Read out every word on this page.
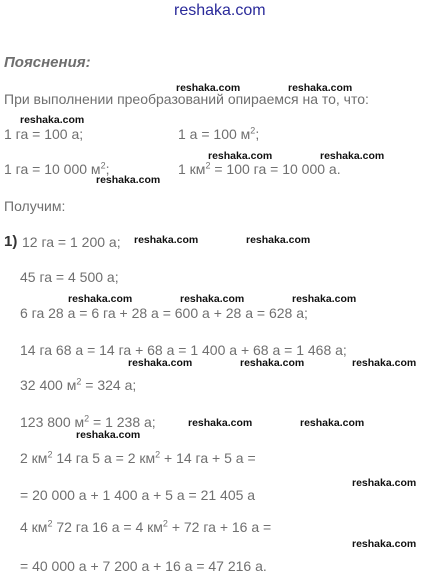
reshaka.com
Пояснения:
reshaka.com	reshaka.com
При выполнении преобразований опираемся на то, что:
reshaka.com
1 га = 100 а;	1 а = 100 $м^2$;
reshaka.com	reshaka.com
1 га = 10 000 $м^2$;	1 $км^2 = 100$ га = 10 000 а.
reshaka.com
Получим:
1) 12 га = 1 200 а; reshaka.com	reshaka.com
45 га = 4 500 а;
reshaka.com	reshaka.com	reshaka.com
6 га 28 а = 6 га + 28 а = 600 а + 28 а = 628 а;
14 га 68 а = 14 га + 68 а = 1 400 а + 68 а = 1 468 а;
reshaka.com	reshaka.com	reshaka.com
32 400 $м^2 = 324$ а;
123 800 $м^2 = 1$ 238 а;	reshaka.com	reshaka.com
reshaka.com
2 $км^2$ 14 га 5 а = 2 $км^2 + 14$ га + 5 а =
reshaka.com
= 20 000 а + 1 400 а + 5 а = 21 405 а
4 $км^2$ 72 га 16 а = 4 $км^2 + 72$ га + 16 а =
reshaka.com
= 40 000 а + 7 200 а + 16 а = 47 216 а.
